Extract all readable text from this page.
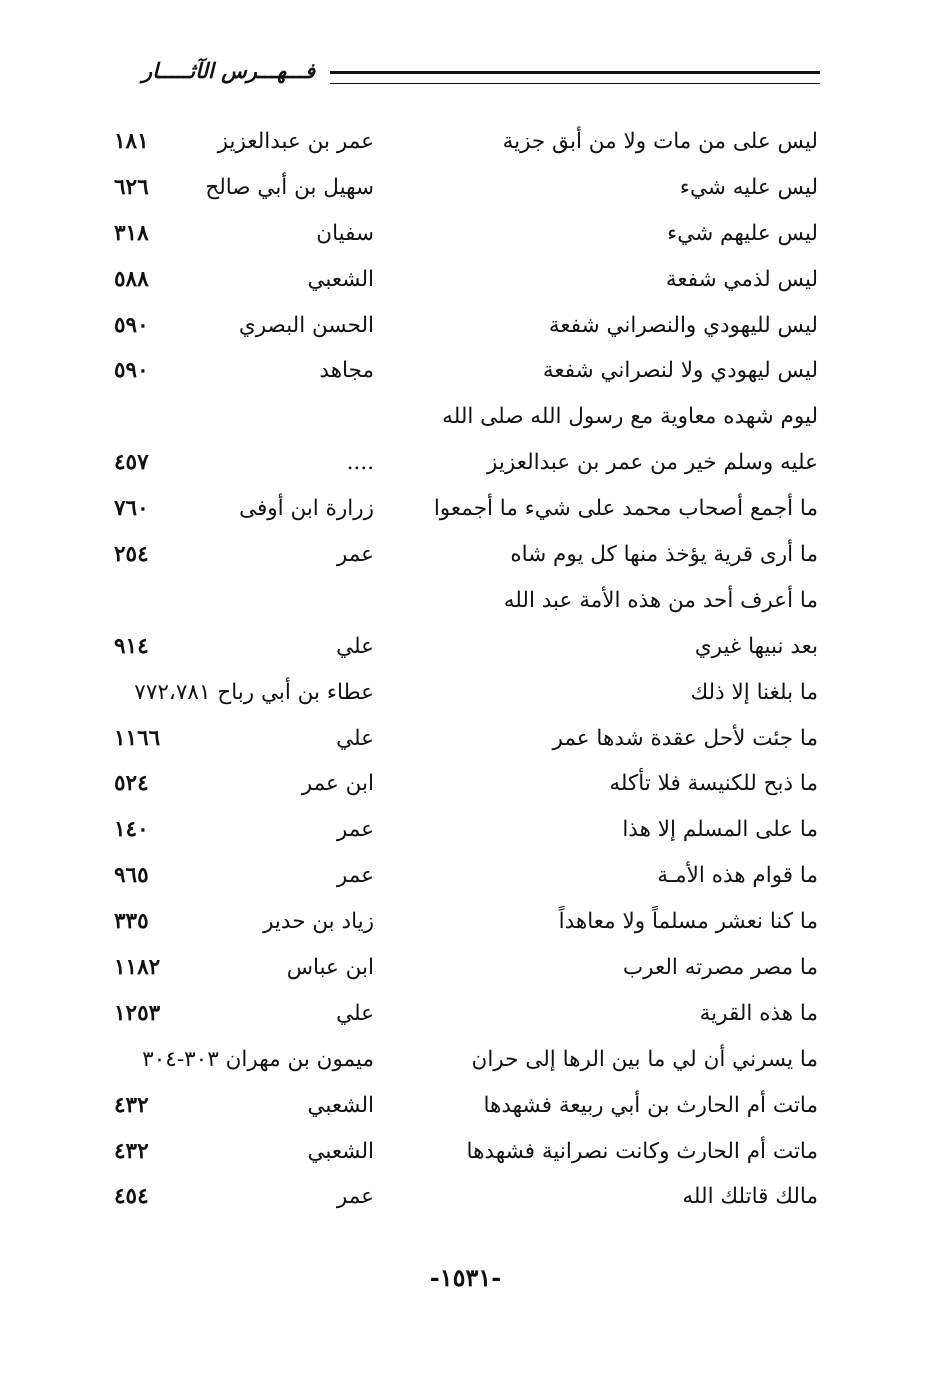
فـــهـــرس الآثـــــار
ليس على من مات ولا من أبق جزية
عمر بن عبدالعزيز
١٨١
ليس عليه شيء
سهيل بن أبي صالح
٦٢٦
ليس عليهم شيء
سفيان
٣١٨
ليس لذمي شفعة
الشعبي
٥٨٨
ليس لليهودي والنصراني شفعة
الحسن البصري
٥٩٠
ليس ليهودي ولا لنصراني شفعة
مجاهد
٥٩٠
ليوم شهده معاوية مع رسول الله صلى الله
عليه وسلم خير من عمر بن عبدالعزيز
....
٤٥٧
ما أجمع أصحاب محمد على شيء ما أجمعوا
زرارة ابن أوفى
٧٦٠
ما أرى قرية يؤخذ منها كل يوم شاه
عمر
٢٥٤
ما أعرف أحد من هذه الأمة عبد الله
بعد نبيها غيري
علي
٩١٤
ما بلغنا إلا ذلك
عطاء بن أبي رباح ٧٧٢،٧٨١
ما جئت لأحل عقدة شدها عمر
علي
١١٦٦
ما ذبح للكنيسة فلا تأكله
ابن عمر
٥٢٤
ما على المسلم إلا هذا
عمر
١٤٠
ما قوام هذه الأمـة
عمر
٩٦٥
ما كنا نعشر مسلماً ولا معاهداً
زياد بن حدير
٣٣٥
ما مصر مصرته العرب
ابن عباس
١١٨٢
ما هذه القرية
علي
١٢٥٣
ما يسرني أن لي ما بين الرها إلى حران
ميمون بن مهران ٣٠٣-٣٠٤
ماتت أم الحارث بن أبي ربيعة فشهدها
الشعبي
٤٣٢
ماتت أم الحارث وكانت نصرانية فشهدها
الشعبي
٤٣٢
مالك قاتلك الله
عمر
٤٥٤
-١٥٣١-
